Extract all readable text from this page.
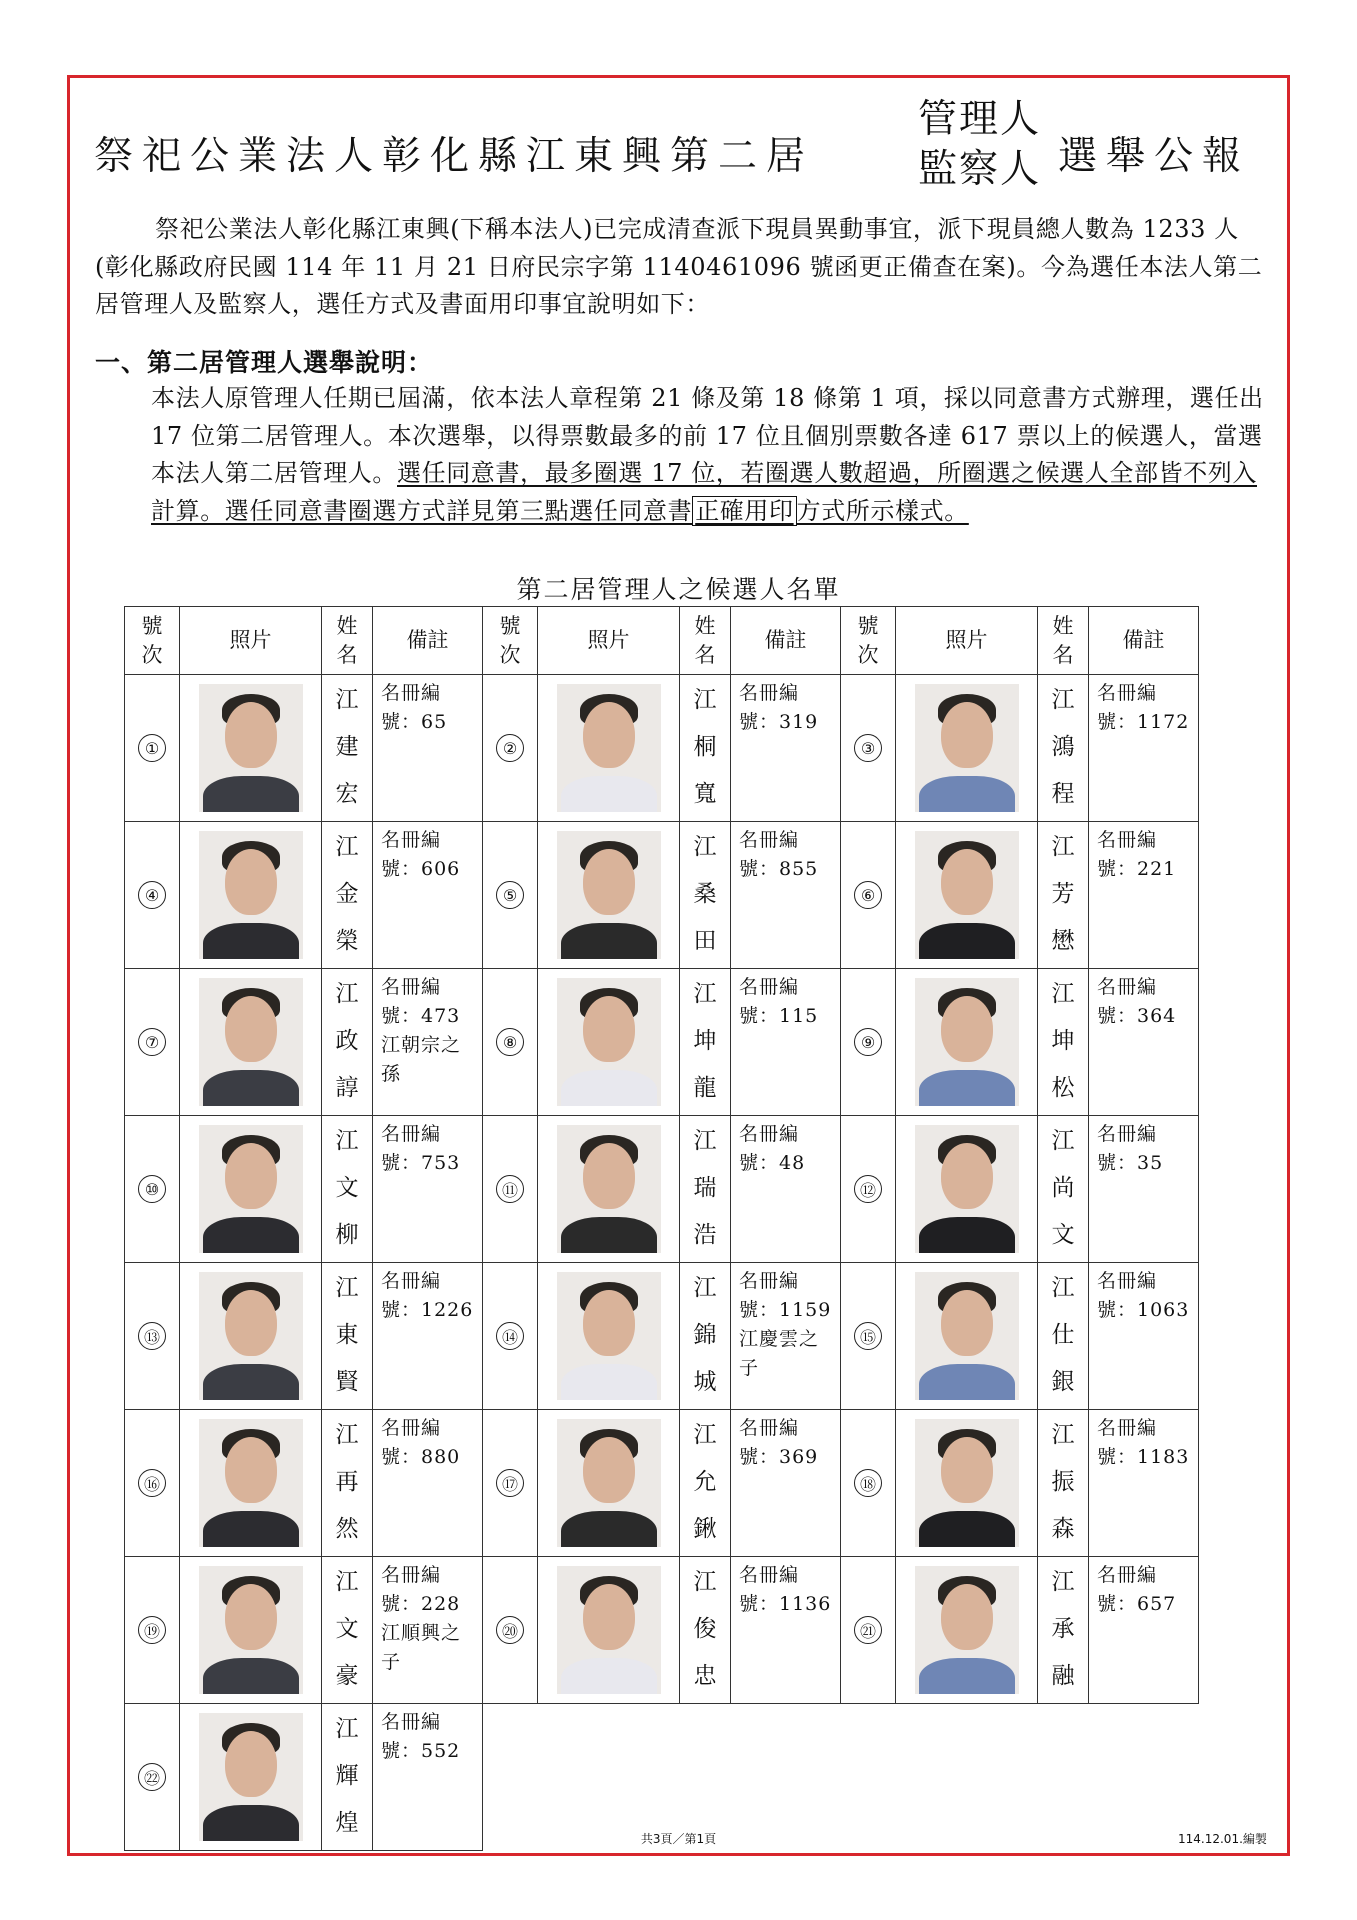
祭祀公業法人彰化縣江東興第二居
管理人
監察人 選舉公報
祭祀公業法人彰化縣江東興(下稱本法人)已完成清查派下現員異動事宜，派下現員總人數為 1233 人(彰化縣政府民國 114 年 11 月 21 日府民宗字第 1140461096 號函更正備查在案)。今為選任本法人第二居管理人及監察人，選任方式及書面用印事宜說明如下：
一、第二居管理人選舉說明：
本法人原管理人任期已屆滿，依本法人章程第 21 條及第 18 條第 1 項，採以同意書方式辦理，選任出 17 位第二居管理人。本次選舉，以得票數最多的前 17 位且個別票數各達 617 票以上的候選人，當選本法人第二居管理人。選任同意書，最多圈選 17 位，若圈選人數超過，所圈選之候選人全部皆不列入計算。選任同意書圈選方式詳見第三點選任同意書 正確用印 方式所示樣式。
第二居管理人之候選人名單
號次	照片	姓名	備註	號次	照片	姓名	備註	號次	照片	姓名	備註

①		江建宏	名冊編號：65	②		江桐寬	名冊編號：319	③		江鴻程	名冊編號：1172

④		江金榮	名冊編號：606	⑤		江桑田	名冊編號：855	⑥		江芳懋	名冊編號：221

⑦		江政諄	名冊編號：473 江朝宗之孫	⑧		江坤龍	名冊編號：115	⑨		江坤松	名冊編號：364

⑩		江文柳	名冊編號：753	⑪		江瑞浩	名冊編號：48	⑫		江尚文	名冊編號：35

⑬		江東賢	名冊編號：1226	⑭		江錦城	名冊編號：1159 江慶雲之子	⑮		江仕銀	名冊編號：1063

⑯		江再然	名冊編號：880	⑰		江允鍬	名冊編號：369	⑱		江振森	名冊編號：1183

⑲		江文豪	名冊編號：228 江順興之子	⑳		江俊忠	名冊編號：1136	㉑		江承融	名冊編號：657

㉒		江輝煌	名冊編號：552								
共3頁／第1頁	114.12.01.編製
